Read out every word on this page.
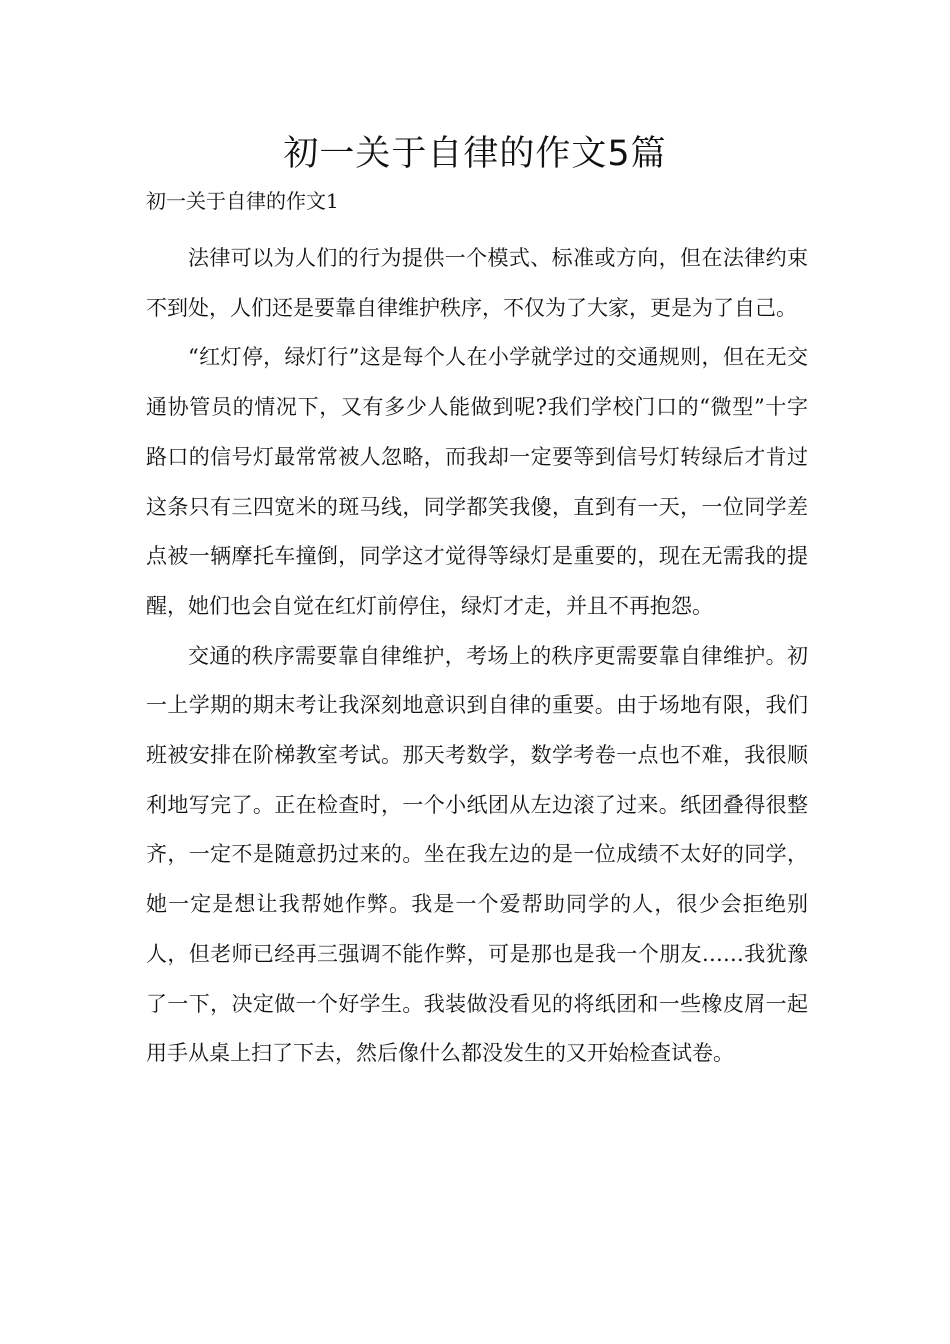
初一关于自律的作文5篇
初一关于自律的作文1

法律可以为人们的行为提供一个模式、标准或方向，但在法律约束不到处，人们还是要靠自律维护秩序，不仅为了大家，更是为了自己。

“红灯停，绿灯行”这是每个人在小学就学过的交通规则，但在无交通协管员的情况下，又有多少人能做到呢?我们学校门口的“微型”十字路口的信号灯最常常被人忽略，而我却一定要等到信号灯转绿后才肯过这条只有三四宽米的斑马线，同学都笑我傻，直到有一天，一位同学差点被一辆摩托车撞倒，同学这才觉得等绿灯是重要的，现在无需我的提醒，她们也会自觉在红灯前停住，绿灯才走，并且不再抱怨。

交通的秩序需要靠自律维护，考场上的秩序更需要靠自律维护。初一上学期的期末考让我深刻地意识到自律的重要。由于场地有限，我们班被安排在阶梯教室考试。那天考数学，数学考卷一点也不难，我很顺利地写完了。正在检查时，一个小纸团从左边滚了过来。纸团叠得很整齐，一定不是随意扔过来的。坐在我左边的是一位成绩不太好的同学，她一定是想让我帮她作弊。我是一个爱帮助同学的人，很少会拒绝别人，但老师已经再三强调不能作弊，可是那也是我一个朋友……我犹豫了一下，决定做一个好学生。我装做没看见的将纸团和一些橡皮屑一起用手从桌上扫了下去，然后像什么都没发生的又开始检查试卷。
